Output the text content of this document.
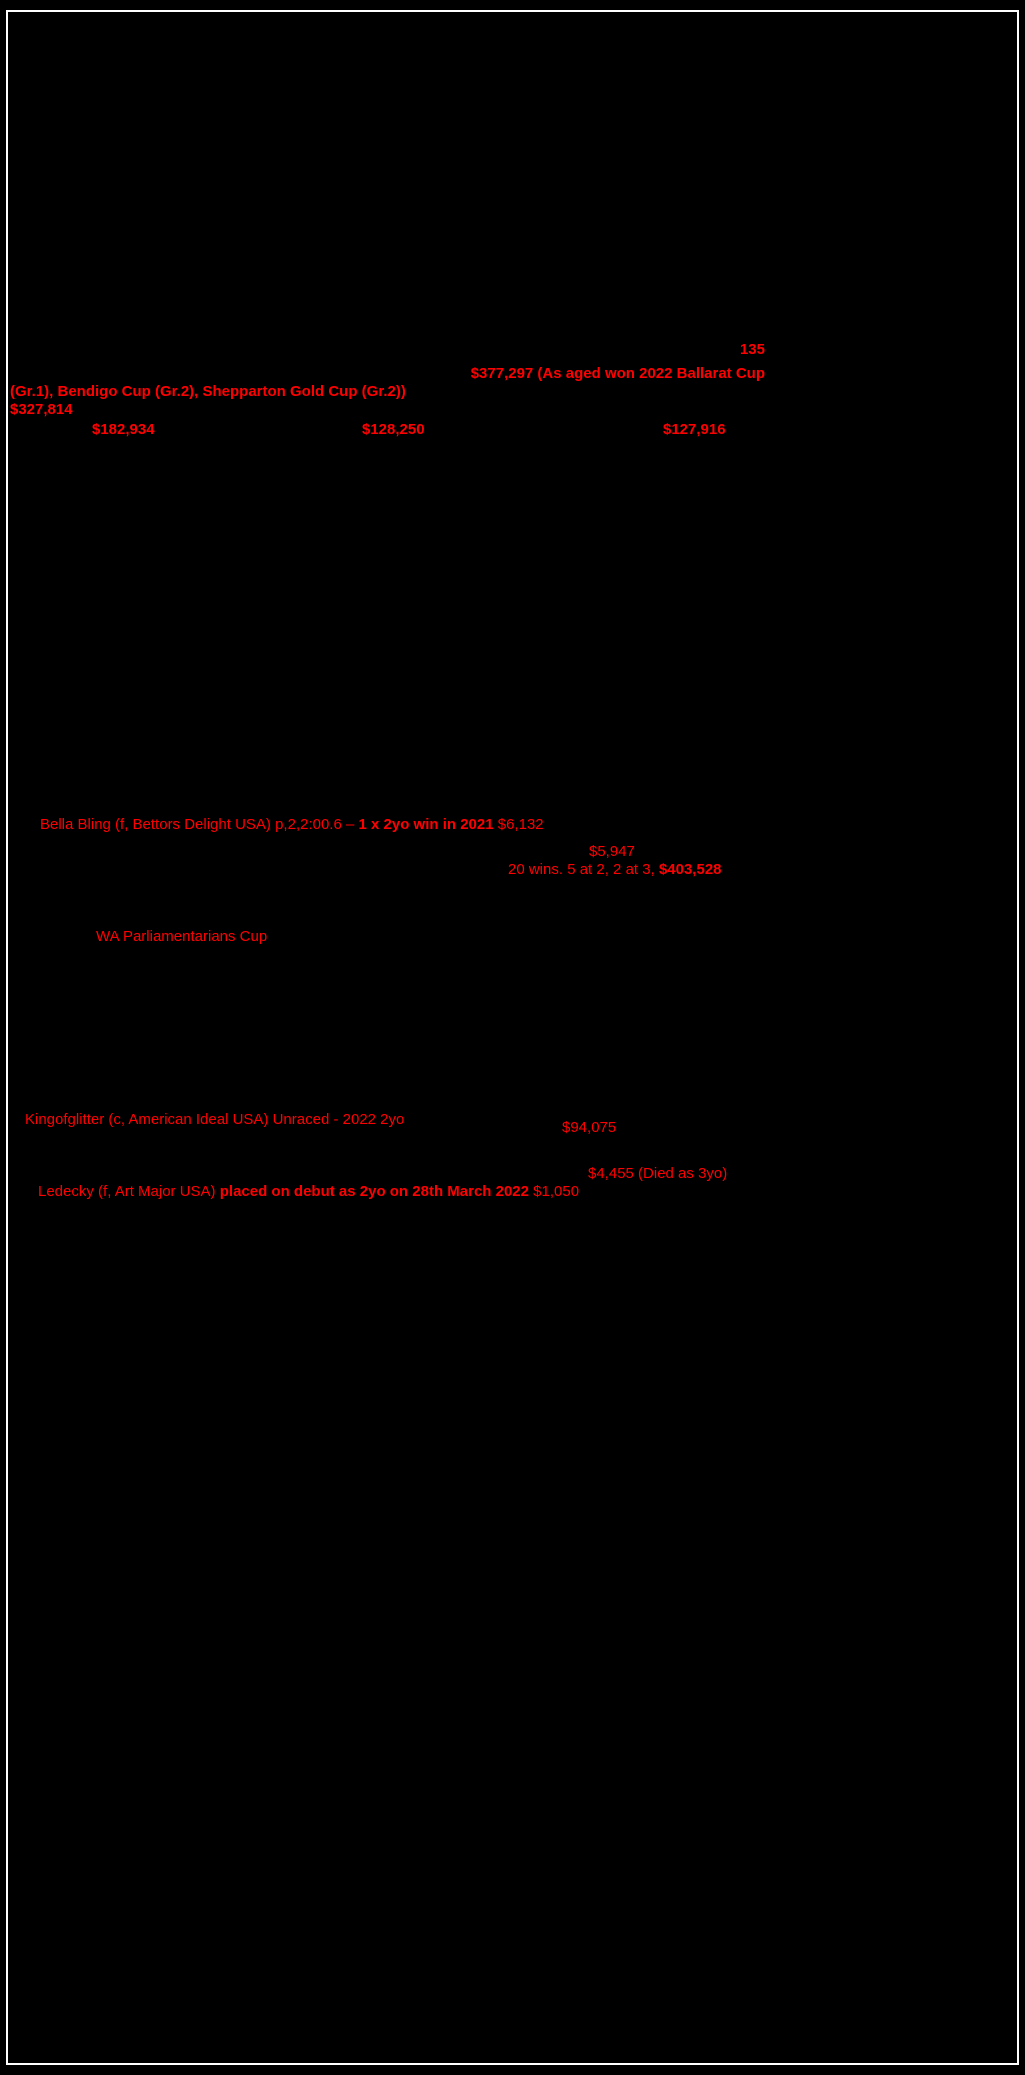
135
$377,297 (As aged won 2022 Ballarat Cup
(Gr.1), Bendigo Cup (Gr.2), Shepparton Gold Cup (Gr.2))
$327,814
$182,934	$128,250	$127,916
Bella Bling (f, Bettors Delight USA) p,2,2:00.6 – 1 x 2yo win in 2021 $6,132
$5,947
20 wins. 5 at 2, 2 at 3, $403,528
WA Parliamentarians Cup
Kingofglitter (c, American Ideal USA) Unraced - 2022 2yo	$94,075
$4,455 (Died as 3yo)
Ledecky (f, Art Major USA) placed on debut as 2yo on 28th March 2022 $1,050
